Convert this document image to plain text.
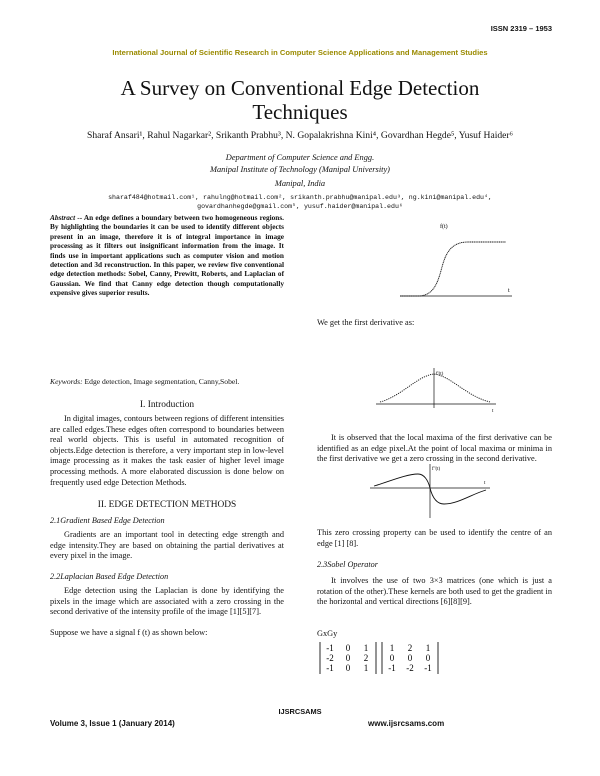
ISSN 2319 – 1953
International Journal of Scientific Research in Computer Science Applications and Management Studies
A Survey on Conventional Edge Detection
Techniques
Sharaf Ansari¹, Rahul Nagarkar², Srikanth Prabhu³, N. Gopalakrishna Kini⁴, Govardhan Hegde⁵, Yusuf Haider⁶
Department of Computer Science and Engg.
Manipal Institute of Technology (Manipal University)
Manipal, India
sharaf484@hotmail.com¹, rahulng@hotmail.com², srikanth.prabhu@manipal.edu³, ng.kini@manipal.edu⁴,
govardhanhegde@gmail.com⁵, yusuf.haider@manipal.edu⁶
Abstract -- An edge defines a boundary between two homogeneous regions. By highlighting the boundaries it can be used to identify different objects present in an image, therefore it is of integral importance in image processing as it filters out insignificant information from the image. It finds use in important applications such as computer vision and motion detection and 3d reconstruction. In this paper, we review five conventional edge detection methods: Sobel, Canny, Prewitt, Roberts, and Laplacian of Gaussian. We find that Canny edge detection though computationally expensive gives superior results.
Keywords: Edge detection, Image segmentation, Canny,Sobel.
I. Introduction
In digital images, contours between regions of different intensities are called edges.These edges often correspond to boundaries between real world objects. This is useful in automated recognition of objects.Edge detection is therefore, a very important step in low-level image processing as it makes the task easier of higher level image processing methods. A more elaborated discussion is done below on frequently used edge Detection Methods.
II. EDGE DETECTION METHODS
2.1Gradient Based Edge Detection
Gradients are an important tool in detecting edge strength and edge intensity.They are based on obtaining the partial derivatives at every pixel in the image.
2.2Laplacian Based Edge Detection
Edge detection using the Laplacian is done by identifying the pixels in the image which are associated with a zero crossing in the second derivative of the intensity profile of the image [1][5][7].
Suppose we have a signal f (t) as shown below:
f(t)
t
We get the first derivative as:
f'(t)
t
It is observed that the local maxima of the first derivative can be identified as an edge pixel.At the point of local maxima or minima in the first derivative we get a zero crossing in the second derivative.
f''(t)
t
This zero crossing property can be used to identify the centre of an edge [1] [8].
2.3Sobel Operator
It involves the use of two 3×3 matrices (one which is just a rotation of the other).These kernels are both used to get the gradient in the horizontal and vertical directions [6][8][9].
GxGy
-1 0 1
-2 0 2
-1 0 1
1 2 1
0 0 0
-1 -2 -1
IJSRCSAMS
Volume 3, Issue 1 (January 2014)	www.ijsrcsams.com
